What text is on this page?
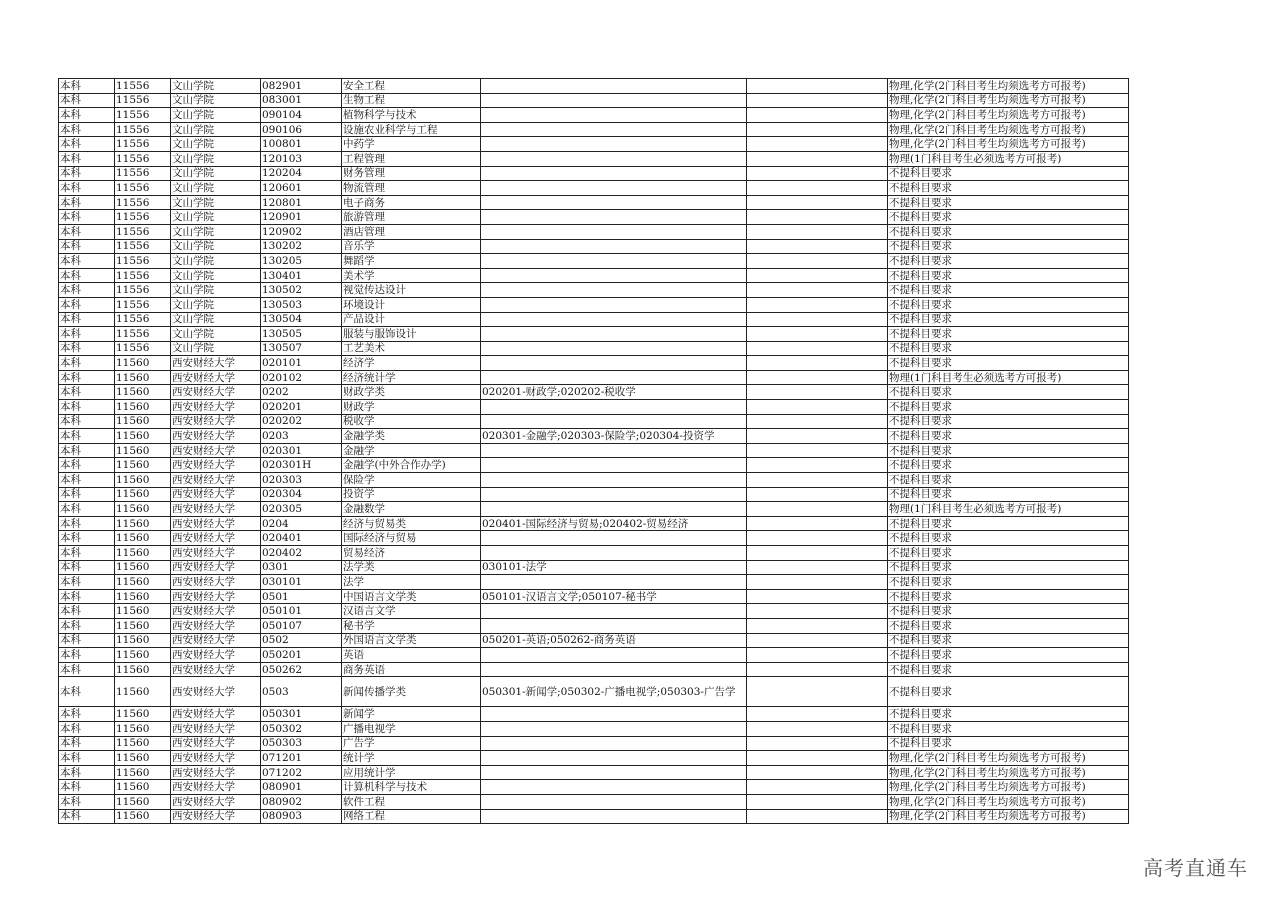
本科	11556	文山学院	082901	安全工程			物理,化学(2门科目考生均须选考方可报考)
本科	11556	文山学院	083001	生物工程			物理,化学(2门科目考生均须选考方可报考)
本科	11556	文山学院	090104	植物科学与技术			物理,化学(2门科目考生均须选考方可报考)
本科	11556	文山学院	090106	设施农业科学与工程			物理,化学(2门科目考生均须选考方可报考)
本科	11556	文山学院	100801	中药学			物理,化学(2门科目考生均须选考方可报考)
本科	11556	文山学院	120103	工程管理			物理(1门科目考生必须选考方可报考)
本科	11556	文山学院	120204	财务管理			不提科目要求
本科	11556	文山学院	120601	物流管理			不提科目要求
本科	11556	文山学院	120801	电子商务			不提科目要求
本科	11556	文山学院	120901	旅游管理			不提科目要求
本科	11556	文山学院	120902	酒店管理			不提科目要求
本科	11556	文山学院	130202	音乐学			不提科目要求
本科	11556	文山学院	130205	舞蹈学			不提科目要求
本科	11556	文山学院	130401	美术学			不提科目要求
本科	11556	文山学院	130502	视觉传达设计			不提科目要求
本科	11556	文山学院	130503	环境设计			不提科目要求
本科	11556	文山学院	130504	产品设计			不提科目要求
本科	11556	文山学院	130505	服装与服饰设计			不提科目要求
本科	11556	文山学院	130507	工艺美术			不提科目要求
本科	11560	西安财经大学	020101	经济学			不提科目要求
本科	11560	西安财经大学	020102	经济统计学			物理(1门科目考生必须选考方可报考)
本科	11560	西安财经大学	0202	财政学类	020201-财政学;020202-税收学		不提科目要求
本科	11560	西安财经大学	020201	财政学			不提科目要求
本科	11560	西安财经大学	020202	税收学			不提科目要求
本科	11560	西安财经大学	0203	金融学类	020301-金融学;020303-保险学;020304-投资学		不提科目要求
本科	11560	西安财经大学	020301	金融学			不提科目要求
本科	11560	西安财经大学	020301H	金融学(中外合作办学)			不提科目要求
本科	11560	西安财经大学	020303	保险学			不提科目要求
本科	11560	西安财经大学	020304	投资学			不提科目要求
本科	11560	西安财经大学	020305	金融数学			物理(1门科目考生必须选考方可报考)
本科	11560	西安财经大学	0204	经济与贸易类	020401-国际经济与贸易;020402-贸易经济		不提科目要求
本科	11560	西安财经大学	020401	国际经济与贸易			不提科目要求
本科	11560	西安财经大学	020402	贸易经济			不提科目要求
本科	11560	西安财经大学	0301	法学类	030101-法学		不提科目要求
本科	11560	西安财经大学	030101	法学			不提科目要求
本科	11560	西安财经大学	0501	中国语言文学类	050101-汉语言文学;050107-秘书学		不提科目要求
本科	11560	西安财经大学	050101	汉语言文学			不提科目要求
本科	11560	西安财经大学	050107	秘书学			不提科目要求
本科	11560	西安财经大学	0502	外国语言文学类	050201-英语;050262-商务英语		不提科目要求
本科	11560	西安财经大学	050201	英语			不提科目要求
本科	11560	西安财经大学	050262	商务英语			不提科目要求
本科	11560	西安财经大学	0503	新闻传播学类	050301-新闻学;050302-广播电视学;050303-广告学		不提科目要求
本科	11560	西安财经大学	050301	新闻学			不提科目要求
本科	11560	西安财经大学	050302	广播电视学			不提科目要求
本科	11560	西安财经大学	050303	广告学			不提科目要求
本科	11560	西安财经大学	071201	统计学			物理,化学(2门科目考生均须选考方可报考)
本科	11560	西安财经大学	071202	应用统计学			物理,化学(2门科目考生均须选考方可报考)
本科	11560	西安财经大学	080901	计算机科学与技术			物理,化学(2门科目考生均须选考方可报考)
本科	11560	西安财经大学	080902	软件工程			物理,化学(2门科目考生均须选考方可报考)
本科	11560	西安财经大学	080903	网络工程			物理,化学(2门科目考生均须选考方可报考)
高考直通车
